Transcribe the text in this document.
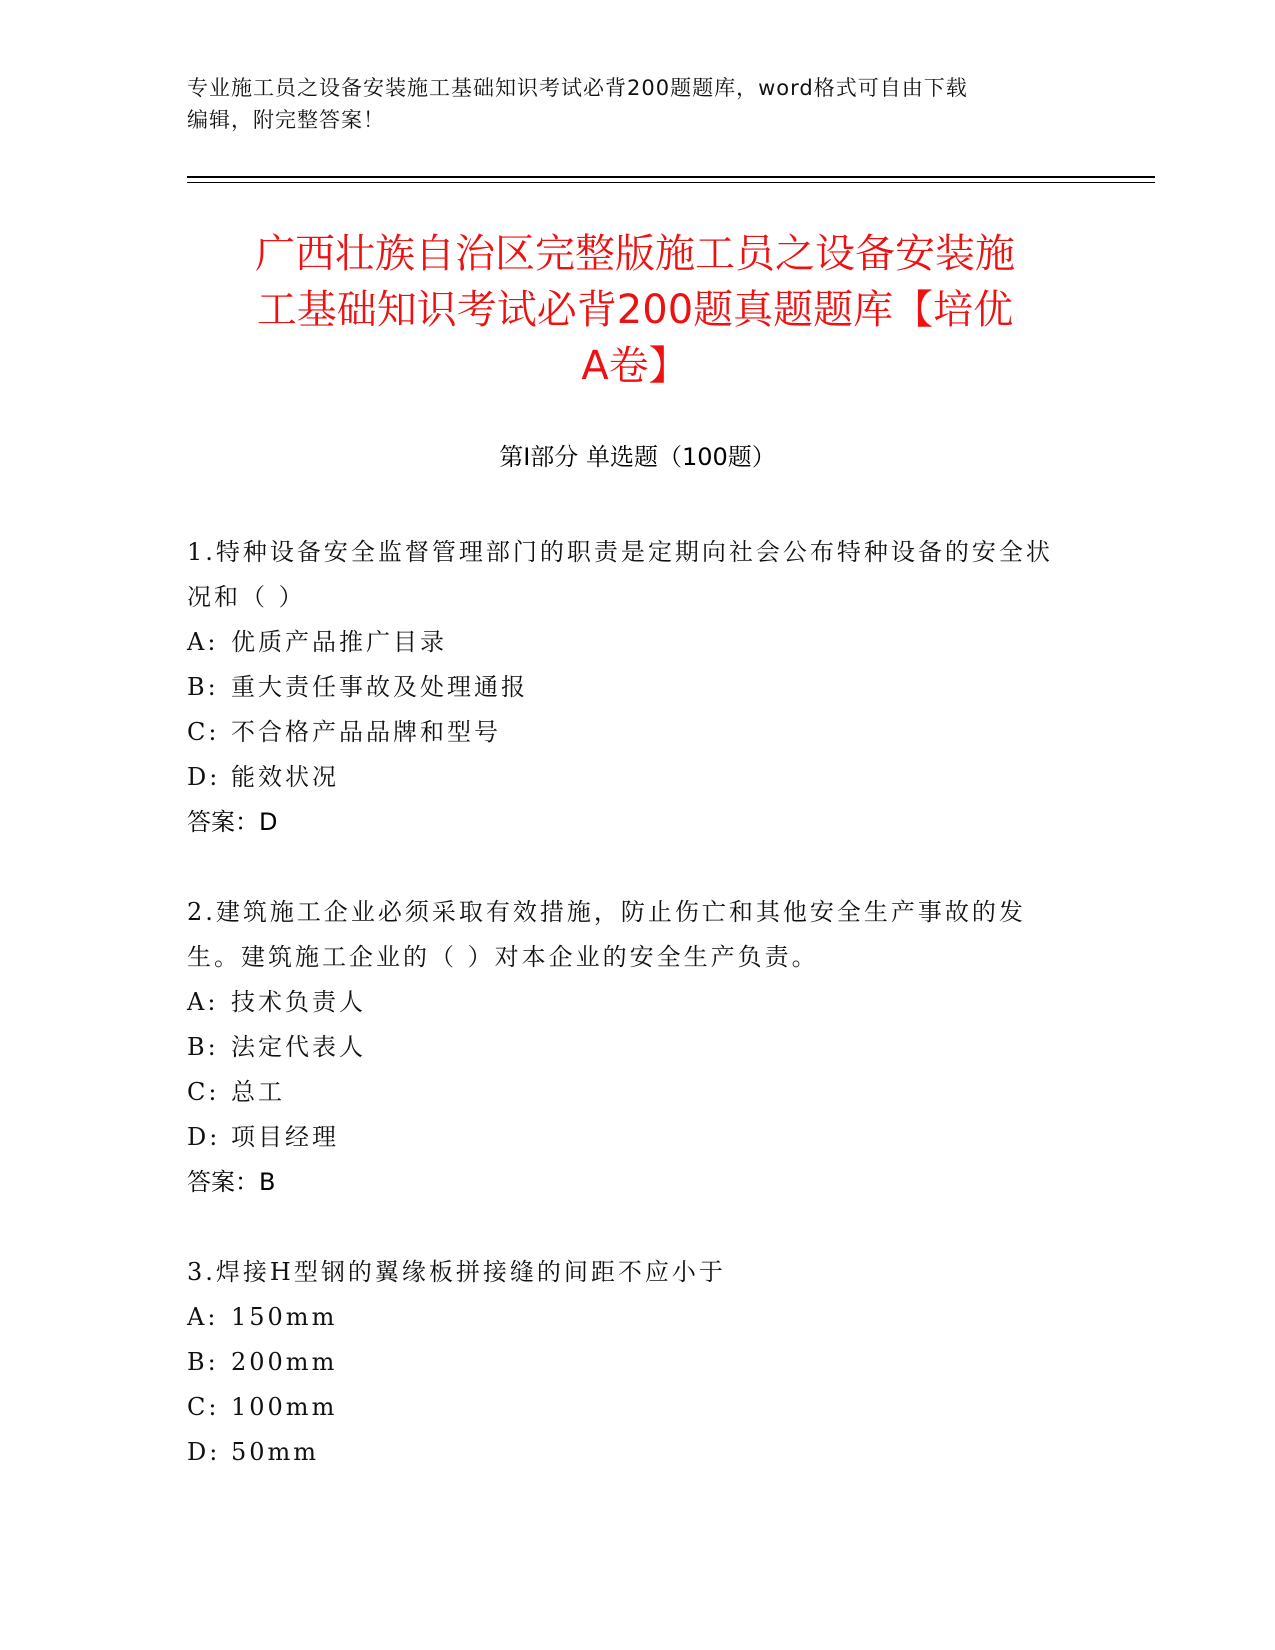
专业施工员之设备安装施工基础知识考试必背200题题库，word格式可自由下载
编辑，附完整答案！
广西壮族自治区完整版施工员之设备安装施
工基础知识考试必背200题真题题库【培优
A卷】
第I部分 单选题（100题）
1.特种设备安全监督管理部门的职责是定期向社会公布特种设备的安全状况和（ ）
A: 优质产品推广目录
B: 重大责任事故及处理通报
C: 不合格产品品牌和型号
D: 能效状况
答案：D
2.建筑施工企业必须采取有效措施，防止伤亡和其他安全生产事故的发生。建筑施工企业的（ ）对本企业的安全生产负责。
A: 技术负责人
B: 法定代表人
C: 总工
D: 项目经理
答案：B
3.焊接H型钢的翼缘板拼接缝的间距不应小于
A: 150mm
B: 200mm
C: 100mm
D: 50mm
